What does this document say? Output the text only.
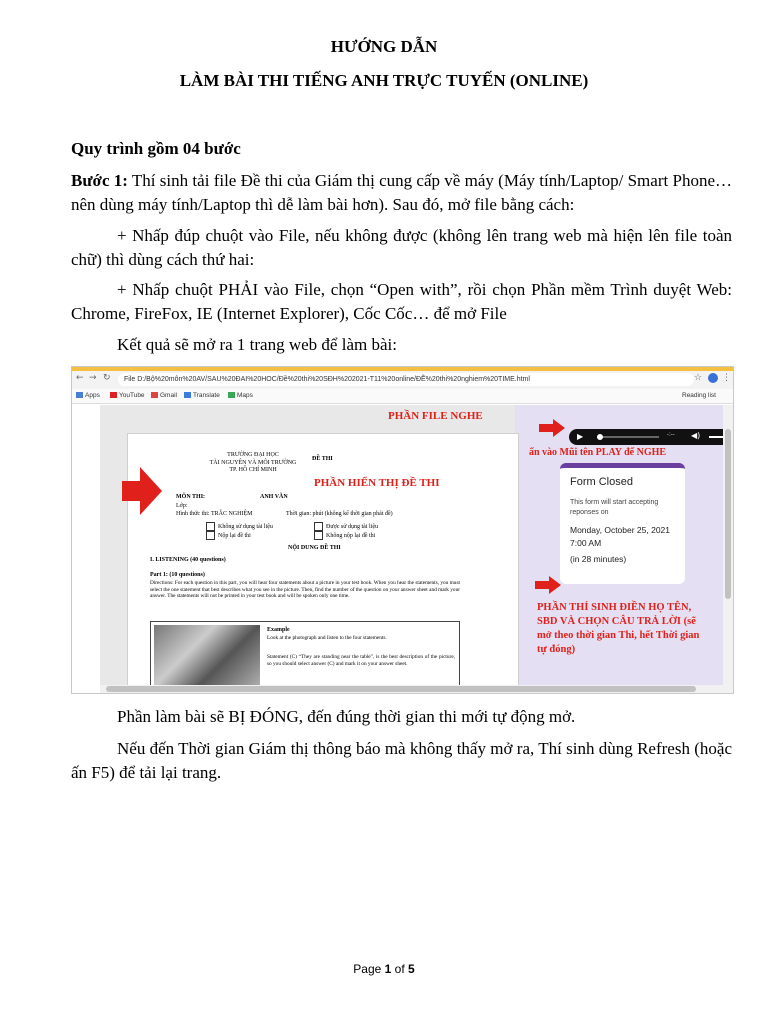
HƯỚNG DẪN
LÀM BÀI THI TIẾNG ANH TRỰC TUYẾN (ONLINE)
Quy trình gồm 04 bước
Bước 1: Thí sinh tải file Đề thi của Giám thị cung cấp về máy (Máy tính/Laptop/ Smart Phone… nên dùng máy tính/Laptop thì dễ làm bài hơn). Sau đó, mở file bằng cách:
+ Nhấp đúp chuột vào File, nếu không được (không lên trang web mà hiện lên file toàn chữ) thì dùng cách thứ hai:
+ Nhấp chuột PHẢI vào File, chọn “Open with”, rồi chọn Phần mềm Trình duyệt Web: Chrome, FireFox, IE (Internet Explorer), Cốc Cốc… để mở File
Kết quả sẽ mở ra 1 trang web để làm bài:
← → ↻	File D:/Bộ%20môn%20AV/SAU%20ĐAI%20HOC/Đề%20thi%20SĐH%202021-T11%20online/ĐỀ%20thi%20nghiem%20TIME.html	☆ ⋮
Apps	YouTube	Gmail	Translate	Maps	Reading list
TRƯỜNG ĐẠI HỌC
TÀI NGUYÊN VÀ MÔI TRƯỜNG
TP. HỒ CHÍ MINH
ĐỀ THI
MÔN THI:	ANH VĂN
Lớp:
Hình thức thi: TRẮC NGHIỆM	Thời gian: phút (không kể thời gian phát đề)
Không sử dụng tài liệu	Được sử dụng tài liệu
Nộp lại đề thi	Không nộp lại đề thi
NỘI DUNG ĐỀ THI
I. LISTENING (40 questions)
Part 1: (10 questions)
Directions: For each question in this part, you will hear four statements about a picture in your test book. When you hear the statements, you must select the one statement that best describes what you see in the picture. Then, find the number of the question on your answer sheet and mark your answer. The statements will not be printed in your test book and will be spoken only one time.
Example
Look at the photograph and listen to the four statements.
Statement (C) “They are standing near the table”, is the best description of the picture, so you should select answer (C) and mark it on your answer sheet.
PHẦN FILE NGHE
PHẦN HIỂN THỊ ĐỀ THI
▶	-:-- ◀)
ấn vào Mũi tên PLAY để NGHE
Form Closed
This form will start accepting reponses on
Monday, October 25, 2021 7:00 AM
(in 28 minutes)
PHẦN THÍ SINH ĐIỀN HỌ TÊN, SBD VÀ CHỌN CÂU TRẢ LỜI (sẽ mở theo thời gian Thi, hết Thời gian tự đóng)
Phần làm bài sẽ BỊ ĐÓNG, đến đúng thời gian thi mới tự động mở.
Nếu đến Thời gian Giám thị thông báo mà không thấy mở ra, Thí sinh dùng Refresh (hoặc ấn F5) để tải lại trang.
Page 1 of 5
